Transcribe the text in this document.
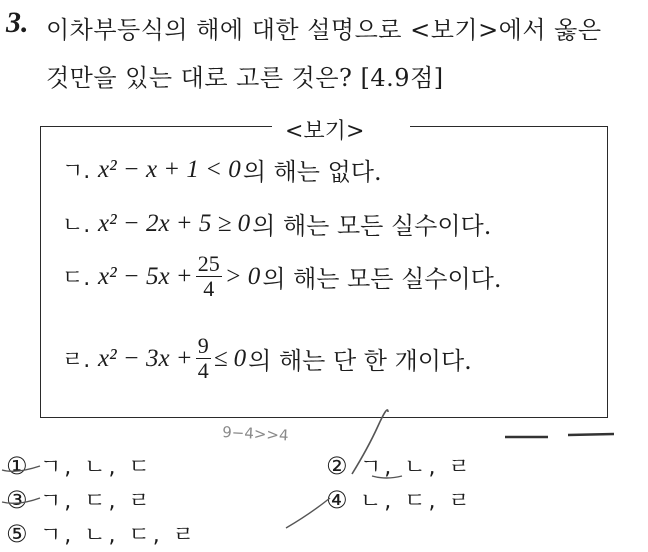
3. 이차부등식의 해에 대한 설명으로 <보기>에서 옳은
것만을 있는 대로 고른 것은? [4.9점]
<보기>
ㄱ. x² − x + 1 < 0 의 해는 없다.
ㄴ. x² − 2x + 5 ≥ 0 의 해는 모든 실수이다.
ㄷ. $x^2 - 5x + \frac{25}{4} > 0$ 의 해는 모든 실수이다.
ㄹ. $x^2 - 3x + \frac{9}{4} \le 0$ 의 해는 단 한 개이다.
① ㄱ, ㄴ, ㄷ	② ㄱ, ㄴ, ㄹ
③ ㄱ, ㄷ, ㄹ	④ ㄴ, ㄷ, ㄹ
⑤ ㄱ, ㄴ, ㄷ, ㄹ
9−4>>4
